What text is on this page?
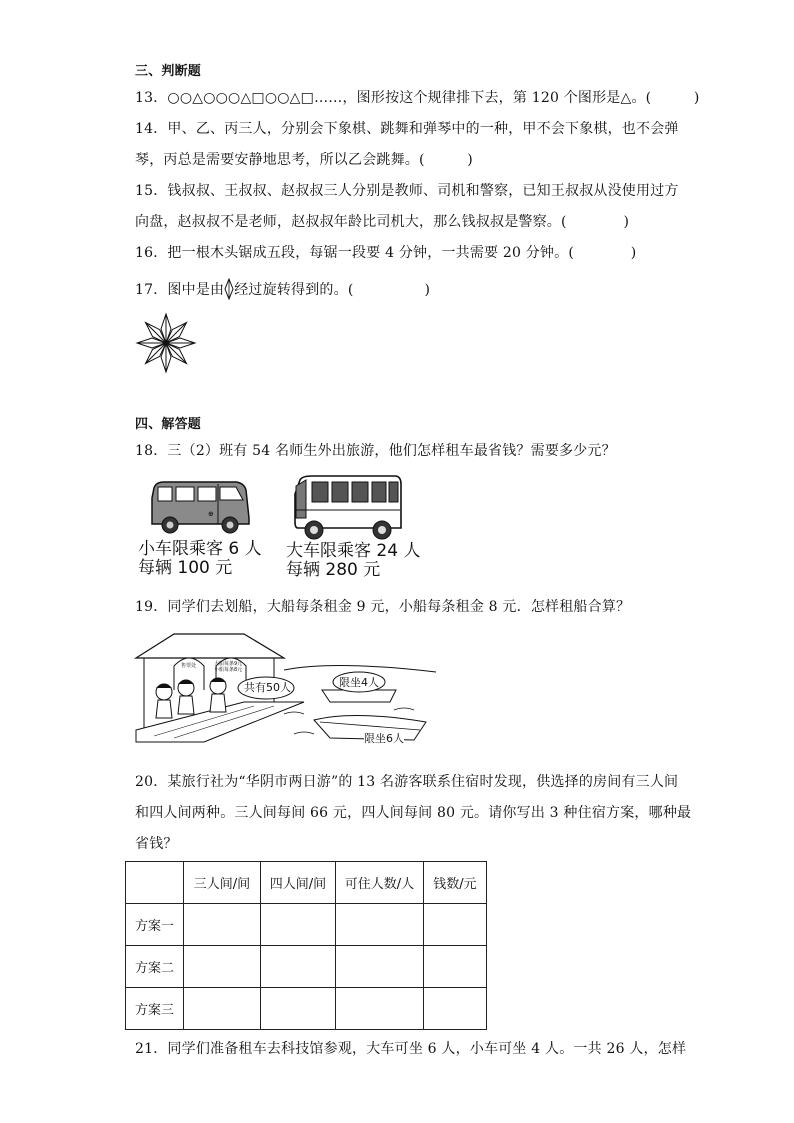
三、判断题
13．○○△○○○△□○○△□……，图形按这个规律排下去，第 120 个图形是△。(　　　)
14．甲、乙、丙三人，分别会下象棋、跳舞和弹琴中的一种，甲不会下象棋，也不会弹
琴，丙总是需要安静地思考，所以乙会跳舞。(　　　)
15．钱叔叔、王叔叔、赵叔叔三人分别是教师、司机和警察，已知王叔叔从没使用过方
向盘，赵叔叔不是老师，赵叔叔年龄比司机大，那么钱叔叔是警察。(　　　　)
16．把一根木头锯成五段，每锯一段要 4 分钟，一共需要 20 分钟。(　　　　)
17．图中是由 经过旋转得到的。(　　　　　)
四、解答题
18．三（2）班有 54 名师生外出旅游，他们怎样租车最省钱？需要多少元？
⊕
小车限乘客 6 人
每辆 100 元
大车限乘客 24 人
每辆 280 元
19．同学们去划船，大船每条租金 9 元，小船每条租金 8 元．怎样租船合算？
售票处	大船每条9元
小船每条8元
共有50人	限坐4人
限坐6人
20．某旅行社为“华阴市两日游”的 13 名游客联系住宿时发现，供选择的房间有三人间
和四人间两种。三人间每间 66 元，四人间每间 80 元。请你写出 3 种住宿方案，哪种最
省钱？
	三人间/间	四人间/间	可住人数/人	钱数/元
方案一				
方案二				
方案三				
21．同学们准备租车去科技馆参观，大车可坐 6 人，小车可坐 4 人。一共 26 人，怎样
